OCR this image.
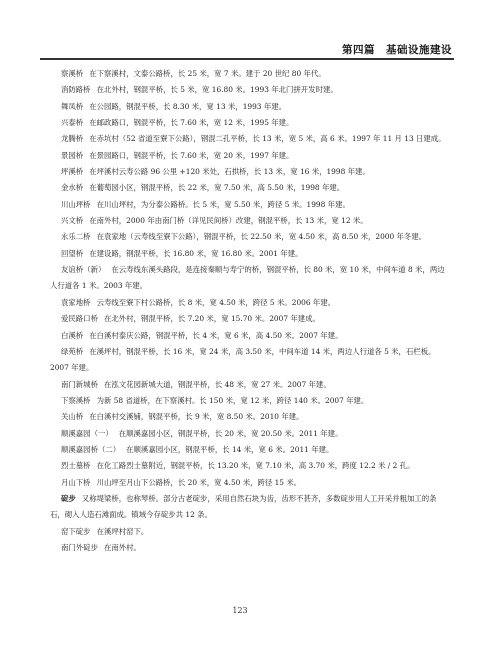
第四篇　基础设施建设

察溪桥 在下察溪村，文泰公路桥，长 25 米，宽 7 米。建于 20 世纪 80 年代。

消防路桥 在北外村，钢混平桥，长 5 米，宽 16.80 米。1993 年北门拼开发时建。

舞凤桥 在公园路，钢混平桥，长 8.30 米，宽 13 米，1993 年建。

兴泰桥 在邮政路口，钢混平桥，长 7.60 米，宽 12 米，1995 年建。

龙腾桥 在赤坑村（52 省道至寮下公路），钢混二孔平桥，长 13 米，宽 5 米，高 6 米。1997 年 11 月 13 日建成。

景园桥 在景园路口，钢混平桥，长 7.60 米，宽 20 米，1997 年建。

坪溪桥 在坪溪村云寿公路 96 公里 +120 米处，石拱桥，长 13 米，宽 16 米，1998 年建。

金水桥 在葡萄园小区，钢混平桥，长 22 米，宽 7.50 米，高 5.50 米，1998 年建。

川山坪桥 在川山坪村，为分泰公路桥。长 5 米，宽 5.50 米，跨径 5 米。1998 年建。

兴文桥 在南外村，2000 年由南门桥（详见民间桥）改建，钢混平桥，长 13 米，宽 12 米。

永乐二桥 在袁家地（云寿线至寮下公路），钢混平桥，长 22.50 米，宽 4.50 米，高 8.50 米，2000 年冬建。

回望桥 在建设路，钢混平桥，长 16.80 米，宽 16.80 米。2001 年建。

友谊桥（新） 在云寿线东溪头路段，是连接秦顺与寿宁的桥，钢混平桥，长 80 米，宽 10 米，中间车道 8 米，两边人行道各 1 米。2003 年建。

袁家地桥 云寿线至寮下村公路桥，长 8 米，宽 4.50 米，跨径 5 米。2006 年建。

爱民路口桥 在北外村，钢混平桥，长 7.20 米，宽 15.70 米。2007 年建成。

白溪桥 在白溪村泰庆公路，钢混平桥，长 4 米，宽 6 米，高 4.50 米。2007 年建。

绿苑桥 在溪坪村，钢混平桥，长 16 米，宽 24 米，高 3.50 米，中间车道 14 米，两边人行道各 5 米，石栏板。2007 年建。

南门新城桥 在泓文花园新城大道，钢混平桥，长 48 米，宽 27 米。2007 年建。

下察溪桥 为新 58 省道桥，在下察溪村。长 150 米，宽 12 米，跨径 140 米。2007 年建。

关山桥 在白溪村交溪铺，钢混平桥，长 9 米，宽 8.50 米。2010 年建。

顺溪嘉园（一） 在顺溪嘉园小区，钢混平桥，长 20 米，宽 20.50 米。2011 年建。

顺溪嘉园桥（二） 在顺溪嘉园小区，钢混平桥，长 14 米，宽 6 米。2011 年建。

烈士墓桥 在化工路烈士墓附近，钢混平桥，长 13.20 米，宽 7.10 米，高 3.70 米，跨度 12.2 米 / 2 孔。

月山下桥 川山坪至月山下公路桥，长 20 米，宽 4.50 米，跨径 15 米。

碇步 又称堤梁桥，也称琴桥。部分古老碇步，采用自然石块为齿，齿形不甚齐，多数碇步用人工开采并粗加工的条石，砌入人造石滩面成。镇域今存碇步共 12 条。

窑下碇步 在溪坪村窑下。

南门外碇步 在南外村。

123
